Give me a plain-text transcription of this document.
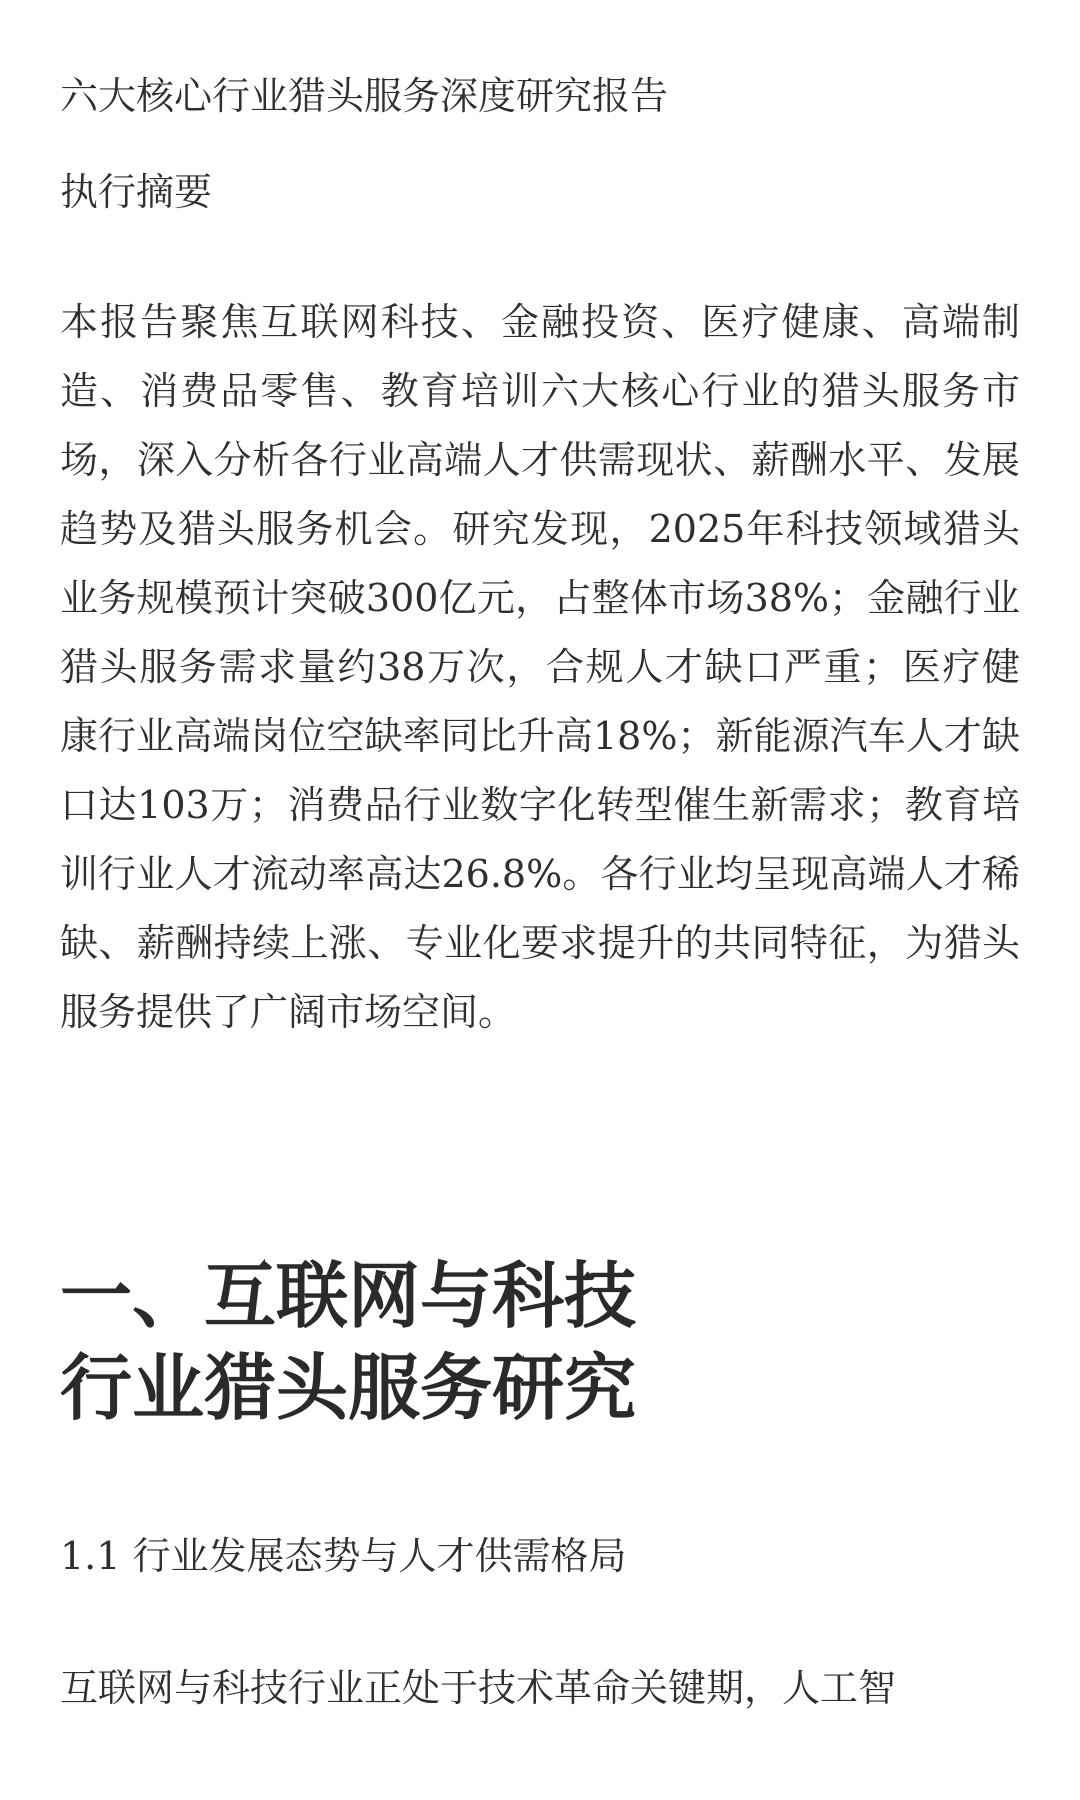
六大核心行业猎头服务深度研究报告
执行摘要

本报告聚焦互联网科技、金融投资、医疗健康、高端制造、消费品零售、教育培训六大核心行业的猎头服务市场，深入分析各行业高端人才供需现状、薪酬水平、发展趋势及猎头服务机会。研究发现，2025年科技领域猎头业务规模预计突破300亿元，占整体市场38%；金融行业猎头服务需求量约38万次，合规人才缺口严重；医疗健康行业高端岗位空缺率同比升高18%；新能源汽车人才缺口达103万；消费品行业数字化转型催生新需求；教育培训行业人才流动率高达26.8%。各行业均呈现高端人才稀缺、薪酬持续上涨、专业化要求提升的共同特征，为猎头服务提供了广阔市场空间。

一、互联网与科技
行业猎头服务研究
1.1 行业发展态势与人才供需格局
互联网与科技行业正处于技术革命关键期，人工智
